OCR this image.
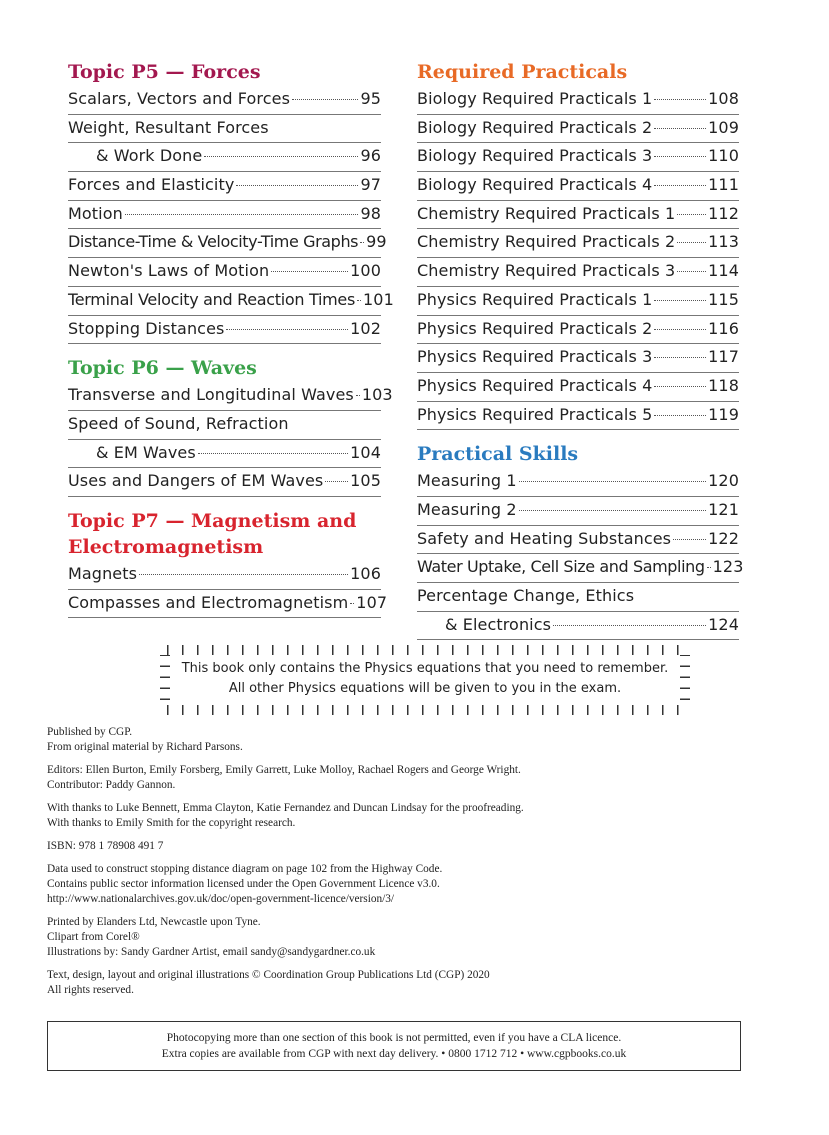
Topic P5 — Forces
Scalars, Vectors and Forces	95
Weight, Resultant Forces
& Work Done	96
Forces and Elasticity	97
Motion	98
Distance-Time & Velocity-Time Graphs 99
Newton's Laws of Motion	100
Terminal Velocity and Reaction Times 101
Stopping Distances	102
Topic P6 — Waves
Transverse and Longitudinal Waves 103
Speed of Sound, Refraction
& EM Waves	104
Uses and Dangers of EM Waves 105
Topic P7 — Magnetism and
Electromagnetism
Magnets	106
Compasses and Electromagnetism 107
Required Practicals
Biology Required Practicals 1	108
Biology Required Practicals 2	109
Biology Required Practicals 3	110
Biology Required Practicals 4	111
Chemistry Required Practicals 1 112
Chemistry Required Practicals 2 113
Chemistry Required Practicals 3 114
Physics Required Practicals 1	115
Physics Required Practicals 2	116
Physics Required Practicals 3	117
Physics Required Practicals 4	118
Physics Required Practicals 5	119
Practical Skills
Measuring 1	120
Measuring 2	121
Safety and Heating Substances 122
Water Uptake, Cell Size and Sampling 123
Percentage Change, Ethics
& Electronics	124
This book only contains the Physics equations that you need to remember.
All other Physics equations will be given to you in the exam.

Published by CGP.
From original material by Richard Parsons.

Editors: Ellen Burton, Emily Forsberg, Emily Garrett, Luke Molloy, Rachael Rogers and George Wright.
Contributor: Paddy Gannon.

With thanks to Luke Bennett, Emma Clayton, Katie Fernandez and Duncan Lindsay for the proofreading.
With thanks to Emily Smith for the copyright research.

ISBN: 978 1 78908 491 7

Data used to construct stopping distance diagram on page 102 from the Highway Code.
Contains public sector information licensed under the Open Government Licence v3.0.
http://www.nationalarchives.gov.uk/doc/open-government-licence/version/3/

Printed by Elanders Ltd, Newcastle upon Tyne.
Clipart from Corel®
Illustrations by: Sandy Gardner Artist, email sandy@sandygardner.co.uk

Text, design, layout and original illustrations © Coordination Group Publications Ltd (CGP) 2020
All rights reserved.

Photocopying more than one section of this book is not permitted, even if you have a CLA licence.
Extra copies are available from CGP with next day delivery. • 0800 1712 712 • www.cgpbooks.co.uk
